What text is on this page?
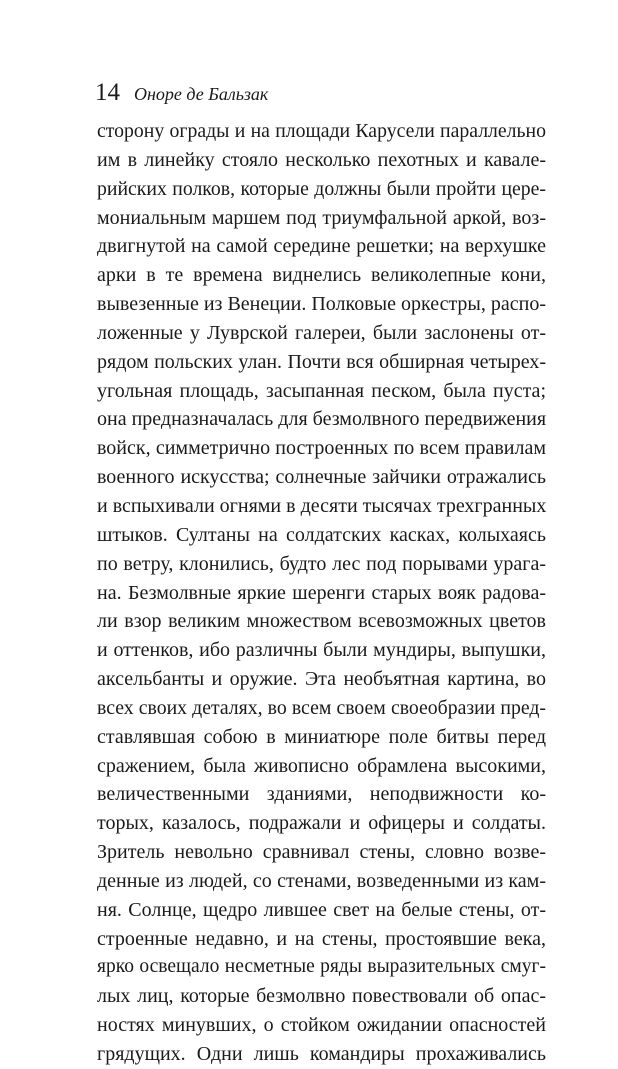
14 Оноре де Бальзак
сторону ограды и на площади Карусели параллельно
им в линейку стояло несколько пехотных и кавале-
рийских полков, которые должны были пройти цере-
мониальным маршем под триумфальной аркой, воз-
двигнутой на самой середине решетки; на верхушке
арки в те времена виднелись великолепные кони,
вывезенные из Венеции. Полковые оркестры, распо-
ложенные у Луврской галереи, были заслонены от-
рядом польских улан. Почти вся обширная четырех-
угольная площадь, засыпанная песком, была пуста;
она предназначалась для безмолвного передвижения
войск, симметрично построенных по всем правилам
военного искусства; солнечные зайчики отражались
и вспыхивали огнями в десяти тысячах трехгранных
штыков. Султаны на солдатских касках, колыхаясь
по ветру, клонились, будто лес под порывами урага-
на. Безмолвные яркие шеренги старых вояк радова-
ли взор великим множеством всевозможных цветов
и оттенков, ибо различны были мундиры, выпушки,
аксельбанты и оружие. Эта необъятная картина, во
всех своих деталях, во всем своем своеобразии пред-
ставлявшая собою в миниатюре поле битвы перед
сражением, была живописно обрамлена высокими,
величественными зданиями, неподвижности ко-
торых, казалось, подражали и офицеры и солдаты.
Зритель невольно сравнивал стены, словно возве-
денные из людей, со стенами, возведенными из кам-
ня. Солнце, щедро лившее свет на белые стены, от-
строенные недавно, и на стены, простоявшие века,
ярко освещало несметные ряды выразительных смуг-
лых лиц, которые безмолвно повествовали об опас-
ностях минувших, о стойком ожидании опасностей
грядущих. Одни лишь командиры прохаживались
